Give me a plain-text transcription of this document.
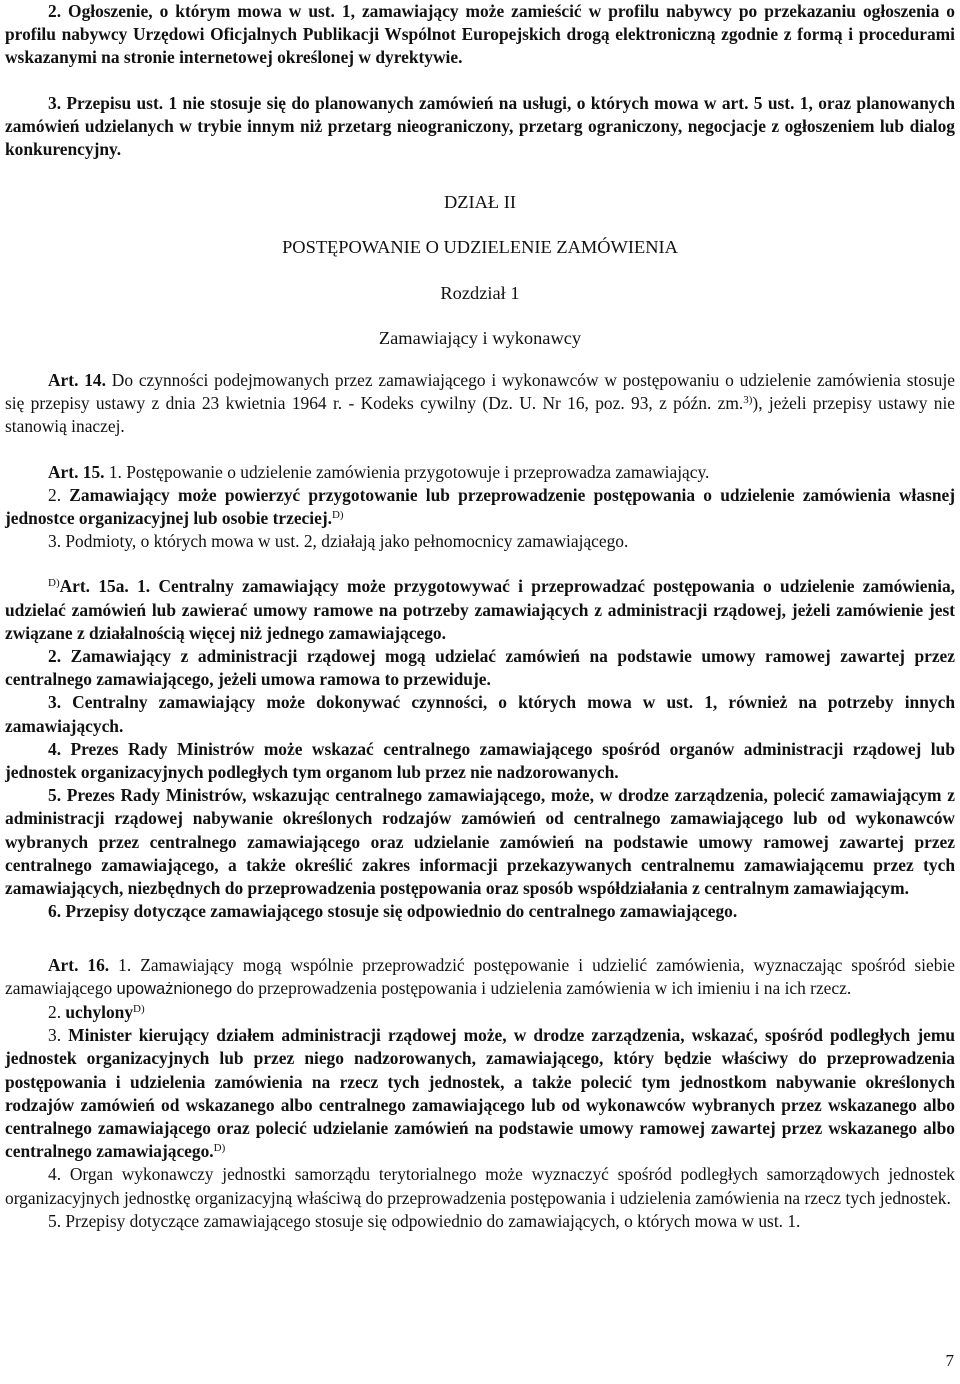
2. Ogłoszenie, o którym mowa w ust. 1, zamawiający może zamieścić w profilu nabywcy po przekazaniu ogłoszenia o profilu nabywcy Urzędowi Oficjalnych Publikacji Wspólnot Europejskich drogą elektroniczną zgodnie z formą i procedurami wskazanymi na stronie internetowej określonej w dyrektywie.

3. Przepisu ust. 1 nie stosuje się do planowanych zamówień na usługi, o których mowa w art. 5 ust. 1, oraz planowanych zamówień udzielanych w trybie innym niż przetarg nieograniczony, przetarg ograniczony, negocjacje z ogłoszeniem lub dialog konkurencyjny.

DZIAŁ II

POSTĘPOWANIE O UDZIELENIE ZAMÓWIENIA

Rozdział 1

Zamawiający i wykonawcy

Art. 14. Do czynności podejmowanych przez zamawiającego i wykonawców w postępowaniu o udzielenie zamówienia stosuje się przepisy ustawy z dnia 23 kwietnia 1964 r. - Kodeks cywilny (Dz. U. Nr 16, poz. 93, z późn. zm.$^{3)}$), jeżeli przepisy ustawy nie stanowią inaczej.

Art. 15. 1. Postępowanie o udzielenie zamówienia przygotowuje i przeprowadza zamawiający.

2. Zamawiający może powierzyć przygotowanie lub przeprowadzenie postępowania o udzielenie zamówienia własnej jednostce organizacyjnej lub osobie trzeciej.$^{D)}$

3. Podmioty, o których mowa w ust. 2, działają jako pełnomocnicy zamawiającego.

$^{D)}$Art. 15a. 1. Centralny zamawiający może przygotowywać i przeprowadzać postępowania o udzielenie zamówienia, udzielać zamówień lub zawierać umowy ramowe na potrzeby zamawiających z administracji rządowej, jeżeli zamówienie jest związane z działalnością więcej niż jednego zamawiającego.

2. Zamawiający z administracji rządowej mogą udzielać zamówień na podstawie umowy ramowej zawartej przez centralnego zamawiającego, jeżeli umowa ramowa to przewiduje.

3. Centralny zamawiający może dokonywać czynności, o których mowa w ust. 1, również na potrzeby innych zamawiających.

4. Prezes Rady Ministrów może wskazać centralnego zamawiającego spośród organów administracji rządowej lub jednostek organizacyjnych podległych tym organom lub przez nie nadzorowanych.

5. Prezes Rady Ministrów, wskazując centralnego zamawiającego, może, w drodze zarządzenia, polecić zamawiającym z administracji rządowej nabywanie określonych rodzajów zamówień od centralnego zamawiającego lub od wykonawców wybranych przez centralnego zamawiającego oraz udzielanie zamówień na podstawie umowy ramowej zawartej przez centralnego zamawiającego, a także określić zakres informacji przekazywanych centralnemu zamawiającemu przez tych zamawiających, niezbędnych do przeprowadzenia postępowania oraz sposób współdziałania z centralnym zamawiającym.

6. Przepisy dotyczące zamawiającego stosuje się odpowiednio do centralnego zamawiającego.

Art. 16. 1. Zamawiający mogą wspólnie przeprowadzić postępowanie i udzielić zamówienia, wyznaczając spośród siebie zamawiającego upoważnionego do przeprowadzenia postępowania i udzielenia zamówienia w ich imieniu i na ich rzecz.

2. uchylony$^{D)}$

3. Minister kierujący działem administracji rządowej może, w drodze zarządzenia, wskazać, spośród podległych jemu jednostek organizacyjnych lub przez niego nadzorowanych, zamawiającego, który będzie właściwy do przeprowadzenia postępowania i udzielenia zamówienia na rzecz tych jednostek, a także polecić tym jednostkom nabywanie określonych rodzajów zamówień od wskazanego albo centralnego zamawiającego lub od wykonawców wybranych przez wskazanego albo centralnego zamawiającego oraz polecić udzielanie zamówień na podstawie umowy ramowej zawartej przez wskazanego albo centralnego zamawiającego.$^{D)}$

4. Organ wykonawczy jednostki samorządu terytorialnego może wyznaczyć spośród podległych samorządowych jednostek organizacyjnych jednostkę organizacyjną właściwą do przeprowadzenia postępowania i udzielenia zamówienia na rzecz tych jednostek.

5. Przepisy dotyczące zamawiającego stosuje się odpowiednio do zamawiających, o których mowa w ust. 1.

7
